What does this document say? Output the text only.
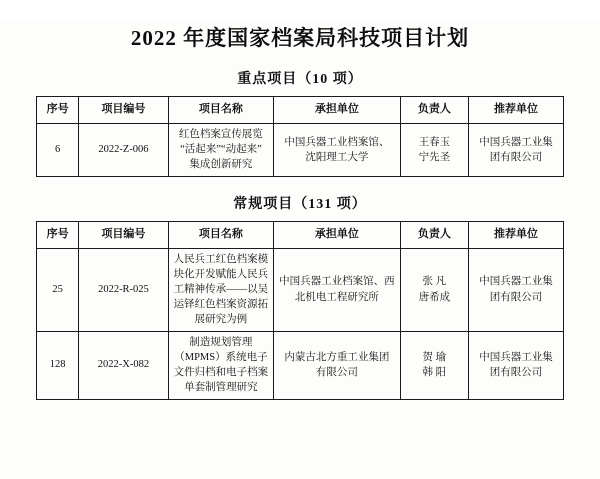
2022 年度国家档案局科技项目计划
重点项目（10 项）
序号	项目编号	项目名称	承担单位	负责人	推荐单位
6	2022-Z-006	红色档案宣传展览
“活起来”“动起来”
集成创新研究	中国兵器工业档案馆、
沈阳理工大学	王春玉
宁先圣	中国兵器工业集
团有限公司
常规项目（131 项）
序号	项目编号	项目名称	承担单位	负责人	推荐单位
25	2022-R-025	人民兵工红色档案模
块化开发赋能人民兵
工精神传承——以吴
运铎红色档案资源拓
展研究为例	中国兵器工业档案馆、西
北机电工程研究所	张 凡
唐希成	中国兵器工业集
团有限公司

128	2022-X-082	制造规划管理
（MPMS）系统电子
文件归档和电子档案
单套制管理研究	内蒙古北方重工业集团
有限公司	贺 瑜
韩 阳	中国兵器工业集
团有限公司
